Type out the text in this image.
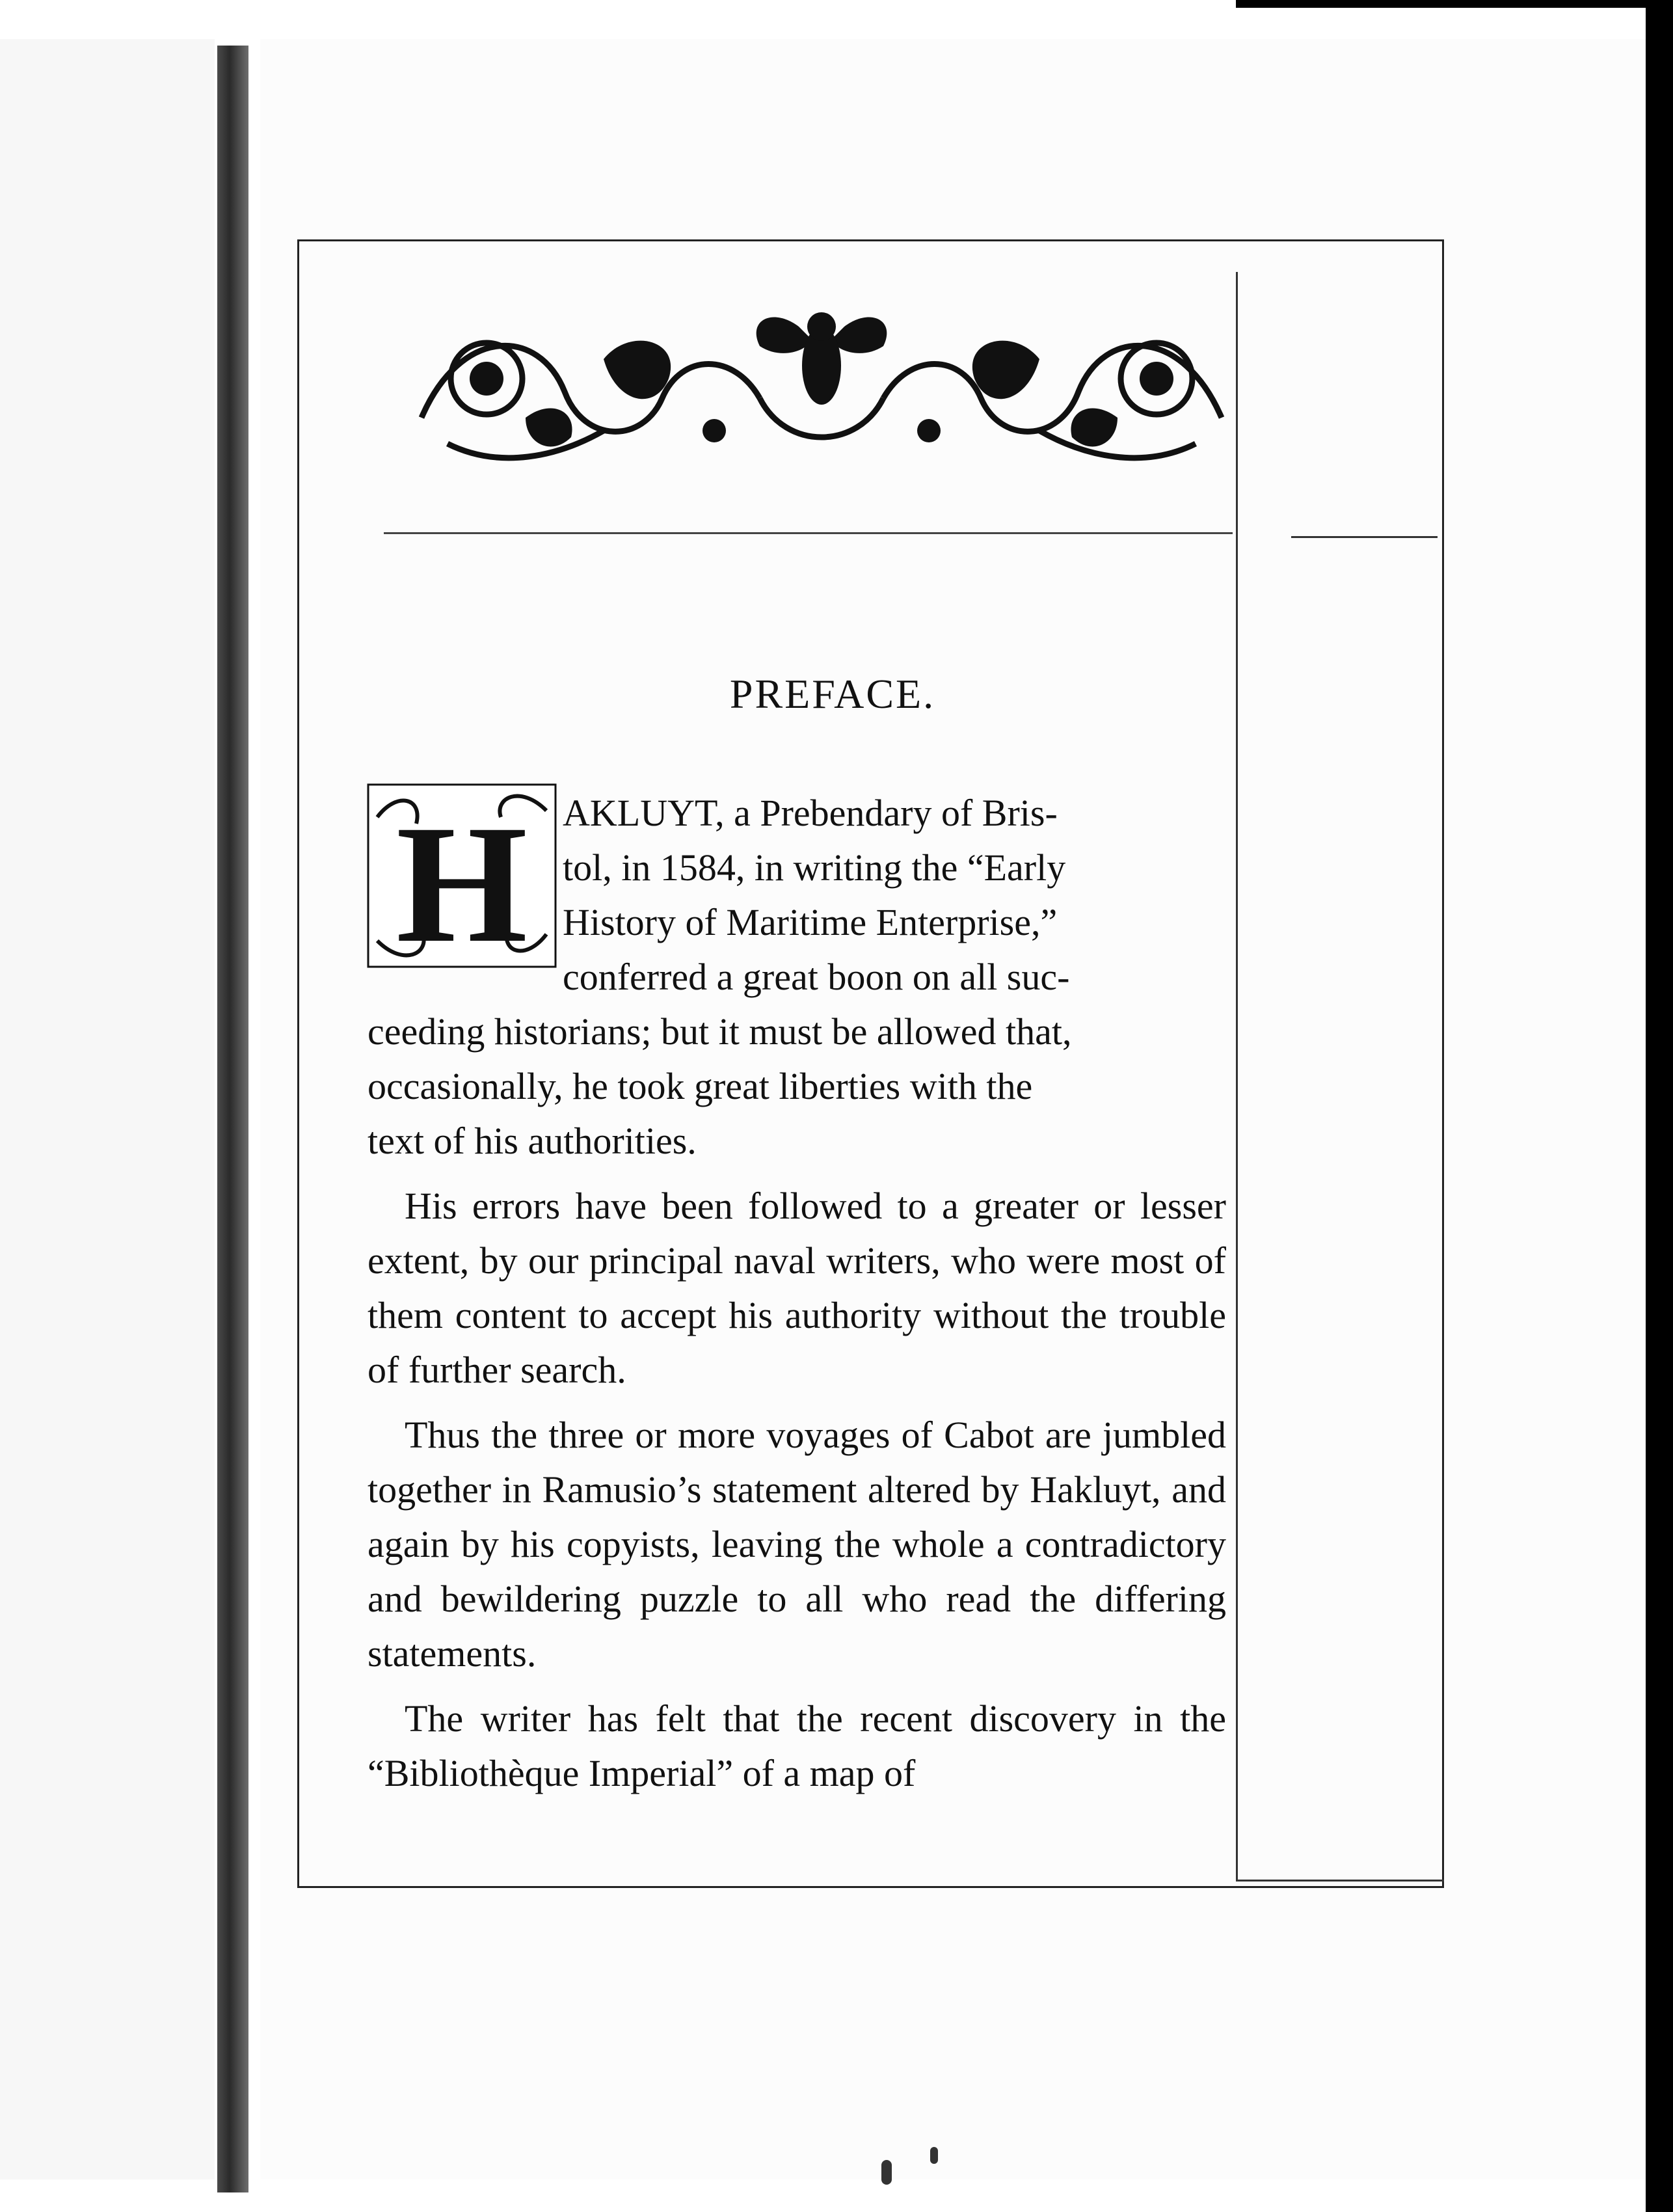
PREFACE.
H AKLUYT, a Prebendary of Bris-
tol, in 1584, in writing the “Early
History of Maritime Enterprise,”
conferred a great boon on all suc-

ceeding historians; but it must be allowed that,
occasionally, he took great liberties with the
text of his authorities.

His errors have been followed to a greater or lesser extent, by our principal naval writers, who were most of them content to accept his authority without the trouble of further search.

Thus the three or more voyages of Cabot are jumbled together in Ramusio’s statement altered by Hakluyt, and again by his copyists, leaving the whole a contradictory and bewildering puzzle to all who read the differing statements.

The writer has felt that the recent discovery in the “Bibliothèque Imperial” of a map of
